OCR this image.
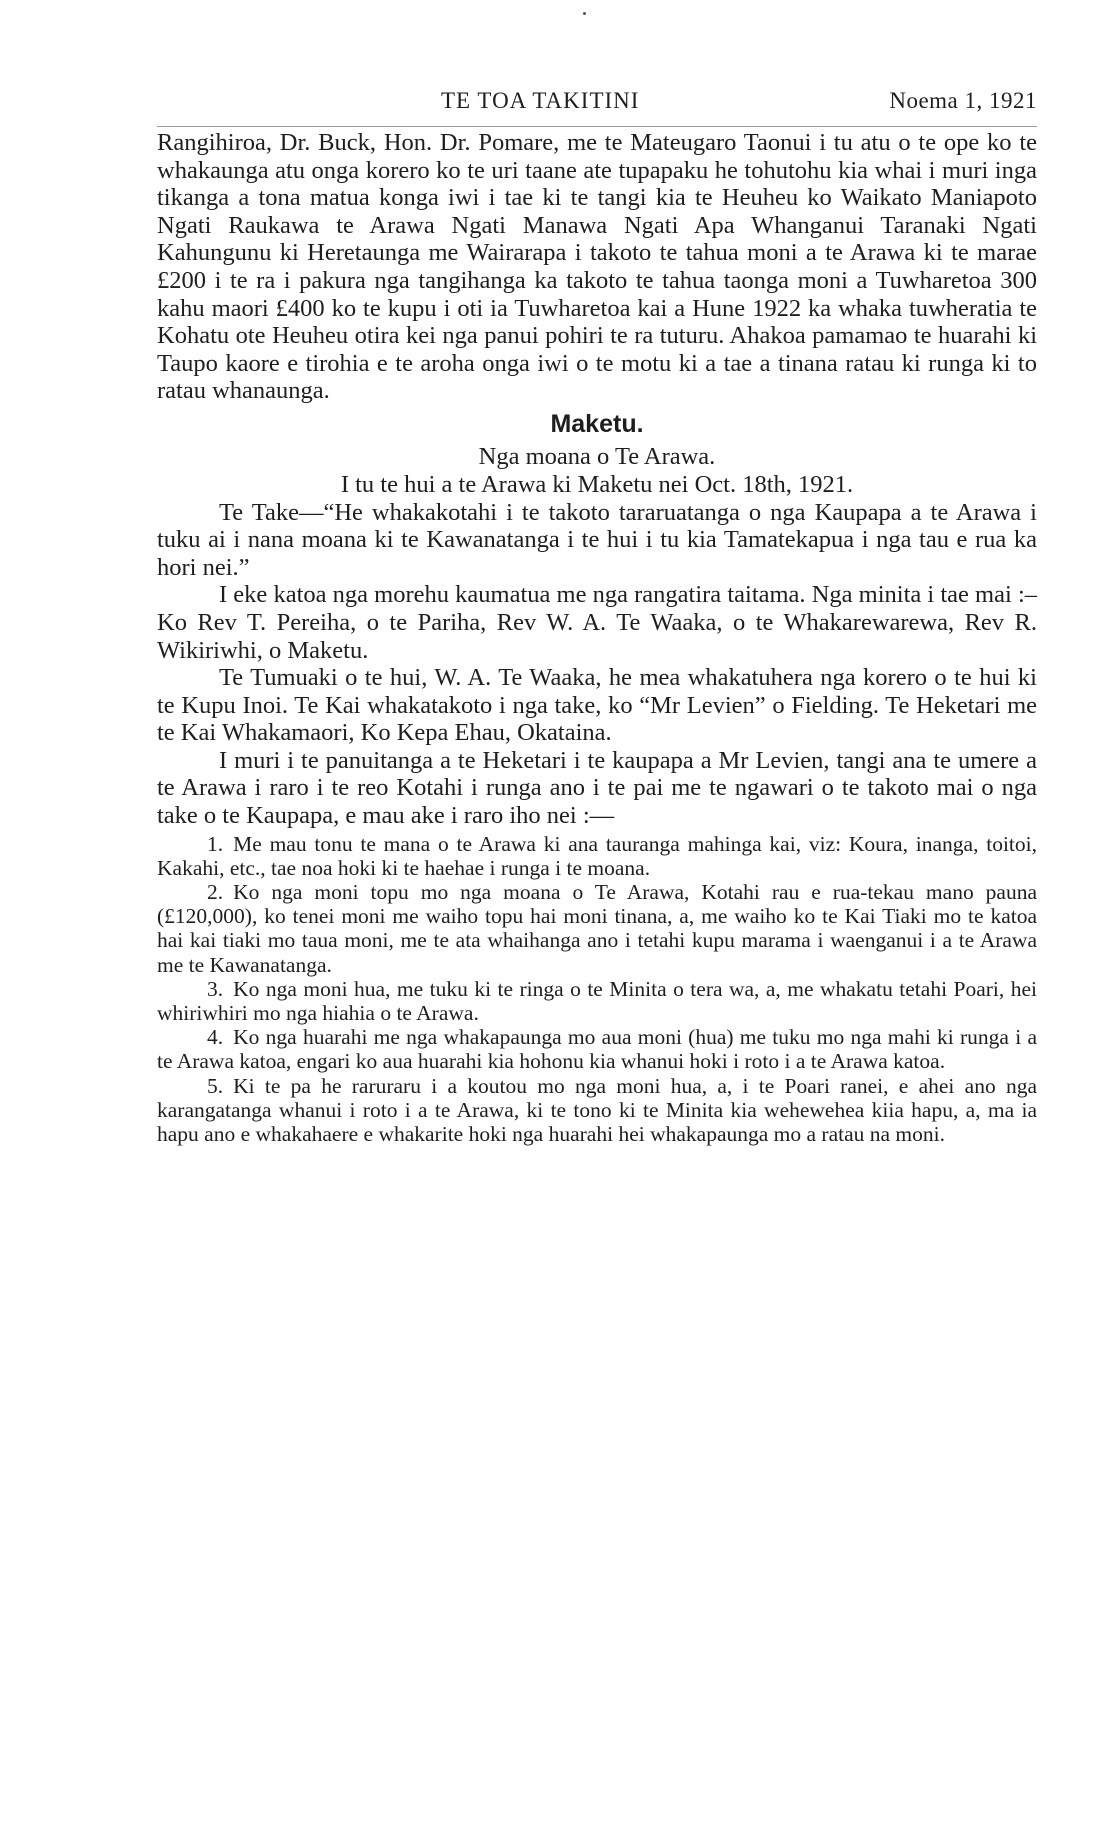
TE TOA TAKITINI	Noema 1, 1921

Rangihiroa, Dr. Buck, Hon. Dr. Pomare, me te Mateugaro Taonui i tu atu o te ope ko te whakaunga atu onga korero ko te uri taane ate tupapaku he tohutohu kia whai i muri inga tikanga a tona matua konga iwi i tae ki te tangi kia te Heuheu ko Waikato Maniapoto Ngati Raukawa te Arawa Ngati Manawa Ngati Apa Whanganui Taranaki Ngati Kahungunu ki Heretaunga me Wairarapa i takoto te tahua moni a te Arawa ki te marae £200 i te ra i pakura nga tangihanga ka takoto te tahua taonga moni a Tuwharetoa 300 kahu maori £400 ko te kupu i oti ia Tuwharetoa kai a Hune 1922 ka whaka tuwheratia te Kohatu ote Heuheu otira kei nga panui pohiri te ra tuturu. Ahakoa pamamao te huarahi ki Taupo kaore e tirohia e te aroha onga iwi o te motu ki a tae a tinana ratau ki runga ki to ratau whanaunga.

Maketu.

Nga moana o Te Arawa.

I tu te hui a te Arawa ki Maketu nei Oct. 18th, 1921.

Te Take—“He whakakotahi i te takoto tararuatanga o nga Kaupapa a te Arawa i tuku ai i nana moana ki te Kawanatanga i te hui i tu kia Tamatekapua i nga tau e rua ka hori nei.”

I eke katoa nga morehu kaumatua me nga rangatira taitama. Nga minita i tae mai :– Ko Rev T. Pereiha, o te Pariha, Rev W. A. Te Waaka, o te Whakarewarewa, Rev R. Wikiriwhi, o Maketu.

Te Tumuaki o te hui, W. A. Te Waaka, he mea whakatuhera nga korero o te hui ki te Kupu Inoi. Te Kai whakatakoto i nga take, ko “Mr Levien” o Fielding. Te Heketari me te Kai Whakamaori, Ko Kepa Ehau, Okataina.

I muri i te panuitanga a te Heketari i te kaupapa a Mr Levien, tangi ana te umere a te Arawa i raro i te reo Kotahi i runga ano i te pai me te ngawari o te takoto mai o nga take o te Kaupapa, e mau ake i raro iho nei :—

1. Me mau tonu te mana o te Arawa ki ana tauranga mahinga kai, viz: Koura, inanga, toitoi, Kakahi, etc., tae noa hoki ki te haehae i runga i te moana.

2. Ko nga moni topu mo nga moana o Te Arawa, Kotahi rau e rua-tekau mano pauna (£120,000), ko tenei moni me waiho topu hai moni tinana, a, me waiho ko te Kai Tiaki mo te katoa hai kai tiaki mo taua moni, me te ata whaihanga ano i tetahi kupu marama i waenganui i a te Arawa me te Kawanatanga.

3. Ko nga moni hua, me tuku ki te ringa o te Minita o tera wa, a, me whakatu tetahi Poari, hei whiriwhiri mo nga hiahia o te Arawa.

4. Ko nga huarahi me nga whakapaunga mo aua moni (hua) me tuku mo nga mahi ki runga i a te Arawa katoa, engari ko aua huarahi kia hohonu kia whanui hoki i roto i a te Arawa katoa.

5. Ki te pa he raruraru i a koutou mo nga moni hua, a, i te Poari ranei, e ahei ano nga karangatanga whanui i roto i a te Arawa, ki te tono ki te Minita kia wehewehea kiia hapu, a, ma ia hapu ano e whakahaere e whakarite hoki nga huarahi hei whakapaunga mo a ratau na moni.
